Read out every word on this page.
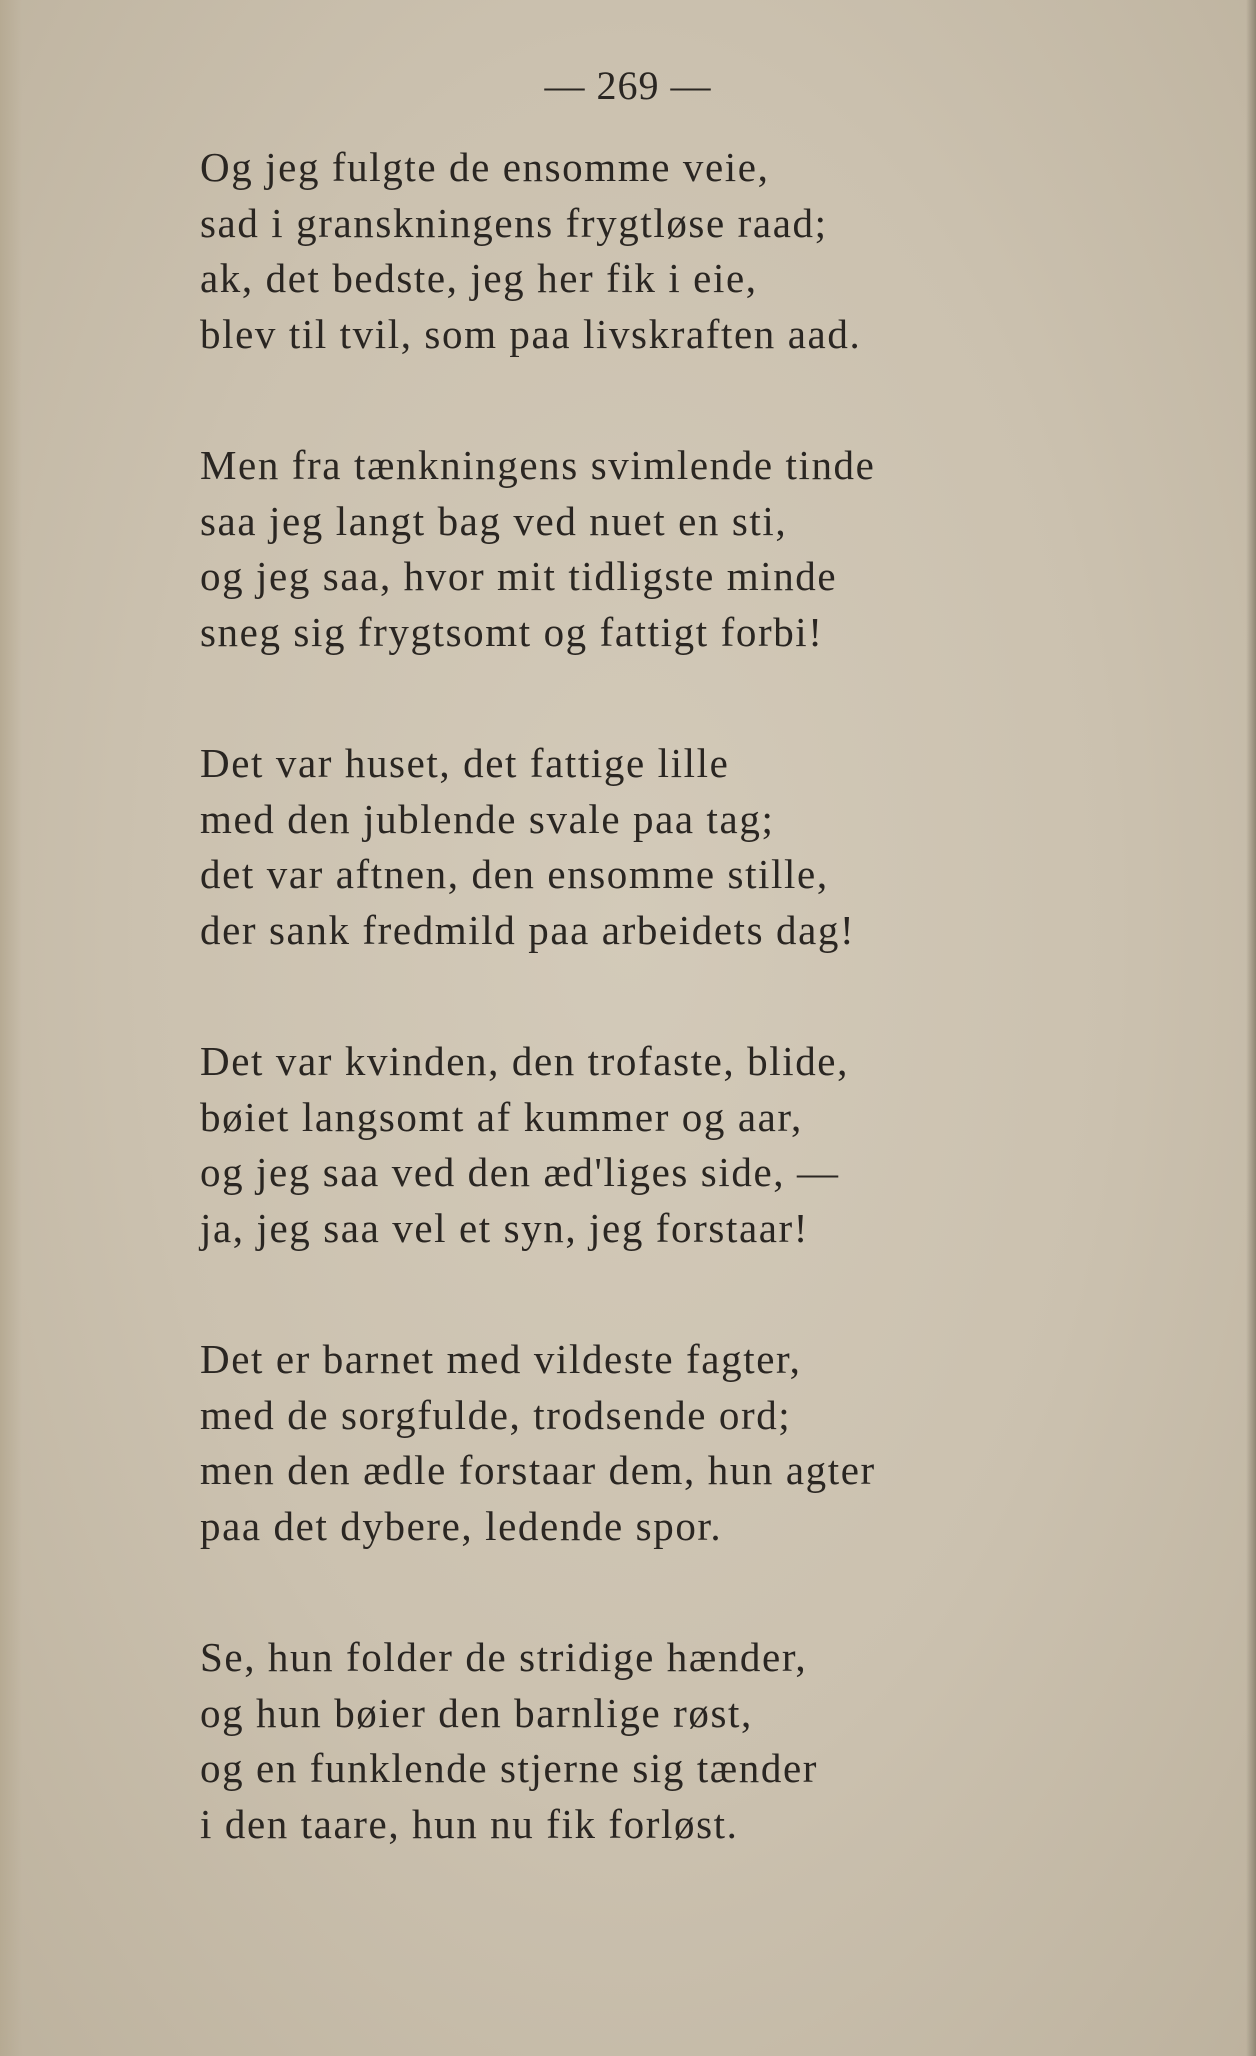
— 269 —
Og jeg fulgte de ensomme veie,
sad i granskningens frygtløse raad;
ak, det bedste, jeg her fik i eie,
blev til tvil, som paa livskraften aad.
Men fra tænkningens svimlende tinde
saa jeg langt bag ved nuet en sti,
og jeg saa, hvor mit tidligste minde
sneg sig frygtsomt og fattigt forbi!
Det var huset, det fattige lille
med den jublende svale paa tag;
det var aftnen, den ensomme stille,
der sank fredmild paa arbeidets dag!
Det var kvinden, den trofaste, blide,
bøiet langsomt af kummer og aar,
og jeg saa ved den æd'liges side, —
ja, jeg saa vel et syn, jeg forstaar!
Det er barnet med vildeste fagter,
med de sorgfulde, trodsende ord;
men den ædle forstaar dem, hun agter
paa det dybere, ledende spor.
Se, hun folder de stridige hænder,
og hun bøier den barnlige røst,
og en funklende stjerne sig tænder
i den taare, hun nu fik forløst.
